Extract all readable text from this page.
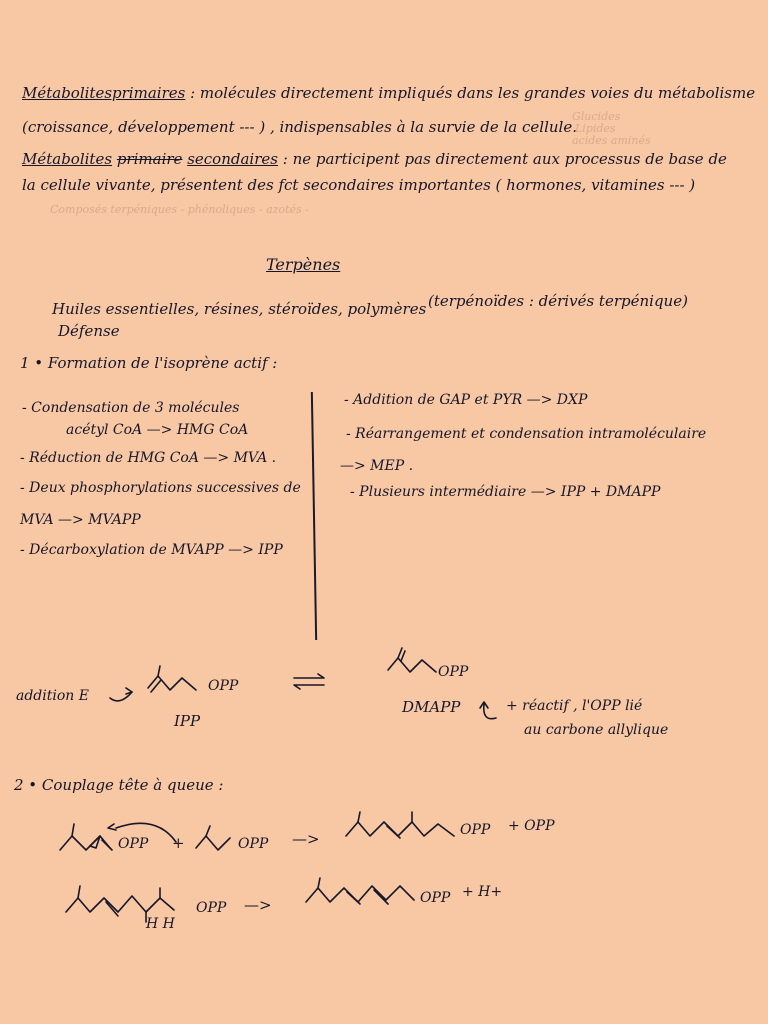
Métabolitesprimaires : molécules directement impliqués dans les grandes voies du métabolisme
(croissance, développement --- ) , indispensables à la survie de la cellule.
Glucides
Lipides
acides aminés
Métabolites primaire secondaires : ne participent pas directement aux processus de base de
la cellule vivante, présentent des fct secondaires importantes ( hormones, vitamines --- )
Composés terpéniques - phénoliques - azotés -
Terpènes
Huiles essentielles, résines, stéroïdes, polymères (terpénoïdes : dérivés terpénique)
Défense
1 • Formation de l'isoprène actif :
- Condensation de 3 molécules
acétyl CoA —> HMG CoA
- Réduction de HMG CoA —> MVA .
- Deux phosphorylations successives de
MVA —> MVAPP
- Décarboxylation de MVAPP —> IPP
- Addition de GAP et PYR —> DXP
- Réarrangement et condensation intramoléculaire
—> MEP .
- Plusieurs intermédiaire —> IPP + DMAPP
addition E
OPP
IPP
OPP
DMAPP	+ réactif , l'OPP lié
au carbone allylique
2 • Couplage tête à queue :
OPP +	OPP —>	OPP + OPP
OPP
H H
—>	OPP + H+
